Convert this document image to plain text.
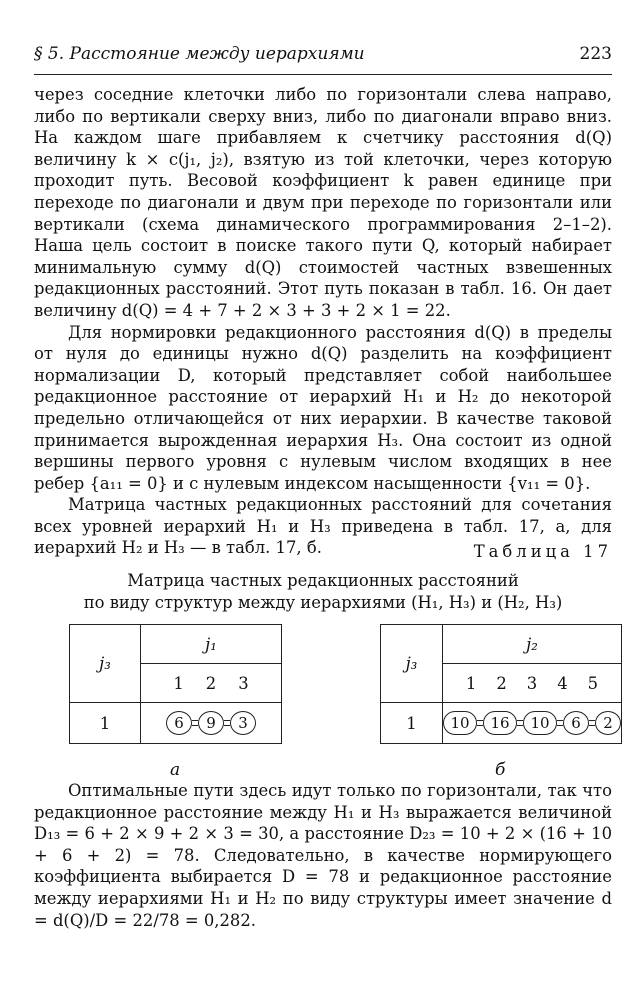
§ 5. Расстояние между иерархиями	223

через соседние клеточки либо по горизонтали слева направо, либо по вертикали сверху вниз, либо по диагонали вправо вниз. На каждом шаге прибавляем к счетчику расстояния d(Q) величину k × c(j₁, j₂), взятую из той клеточки, через которую проходит путь. Весовой коэффициент k равен единице при переходе по диагонали и двум при переходе по горизонтали или вертикали (схема динамического программирования 2–1–2). Наша цель состоит в поиске такого пути Q, который набирает минимальную сумму d(Q) стоимостей частных взвешенных редакционных расстояний. Этот путь показан в табл. 16. Он дает величину d(Q) = 4 + 7 + 2 × 3 + 3 + 2 × 1 = 22.

Для нормировки редакционного расстояния d(Q) в пределы от нуля до единицы нужно d(Q) разделить на коэффициент нормализации D, который представляет собой наибольшее редакционное расстояние от иерархий H₁ и H₂ до некоторой предельно отличающейся от них иерархии. В качестве таковой принимается вырожденная иерархия H₃. Она состоит из одной вершины первого уровня с нулевым числом входящих в нее ребер {a₁₁ = 0} и с нулевым индексом насыщенности {v₁₁ = 0}.

Матрица частных редакционных расстояний для сочетания всех уровней иерархий H₁ и H₃ приведена в табл. 17, а, для иерархий H₂ и H₃ — в табл. 17, б.	Таблица 17
Матрица частных редакционных расстояний
по виду структур между иерархиями (H₁, H₃) и (H₂, H₃)
j₃	j₁

	1 2 3

1	6 9 3
j₃	j₂

	1 2 3 4 5

1	10 16 10 6 2
а	б

Оптимальные пути здесь идут только по горизонтали, так что редакционное расстояние между H₁ и H₃ выражается величиной D₁₃ = 6 + 2 × 9 + 2 × 3 = 30, а расстояние D₂₃ = 10 + 2 × (16 + 10 + 6 + 2) = 78. Следовательно, в качестве нормирующего коэффициента выбирается D = 78 и редакционное расстояние между иерархиями H₁ и H₂ по виду структуры имеет значение d = d(Q)/D = 22/78 = 0,282.
